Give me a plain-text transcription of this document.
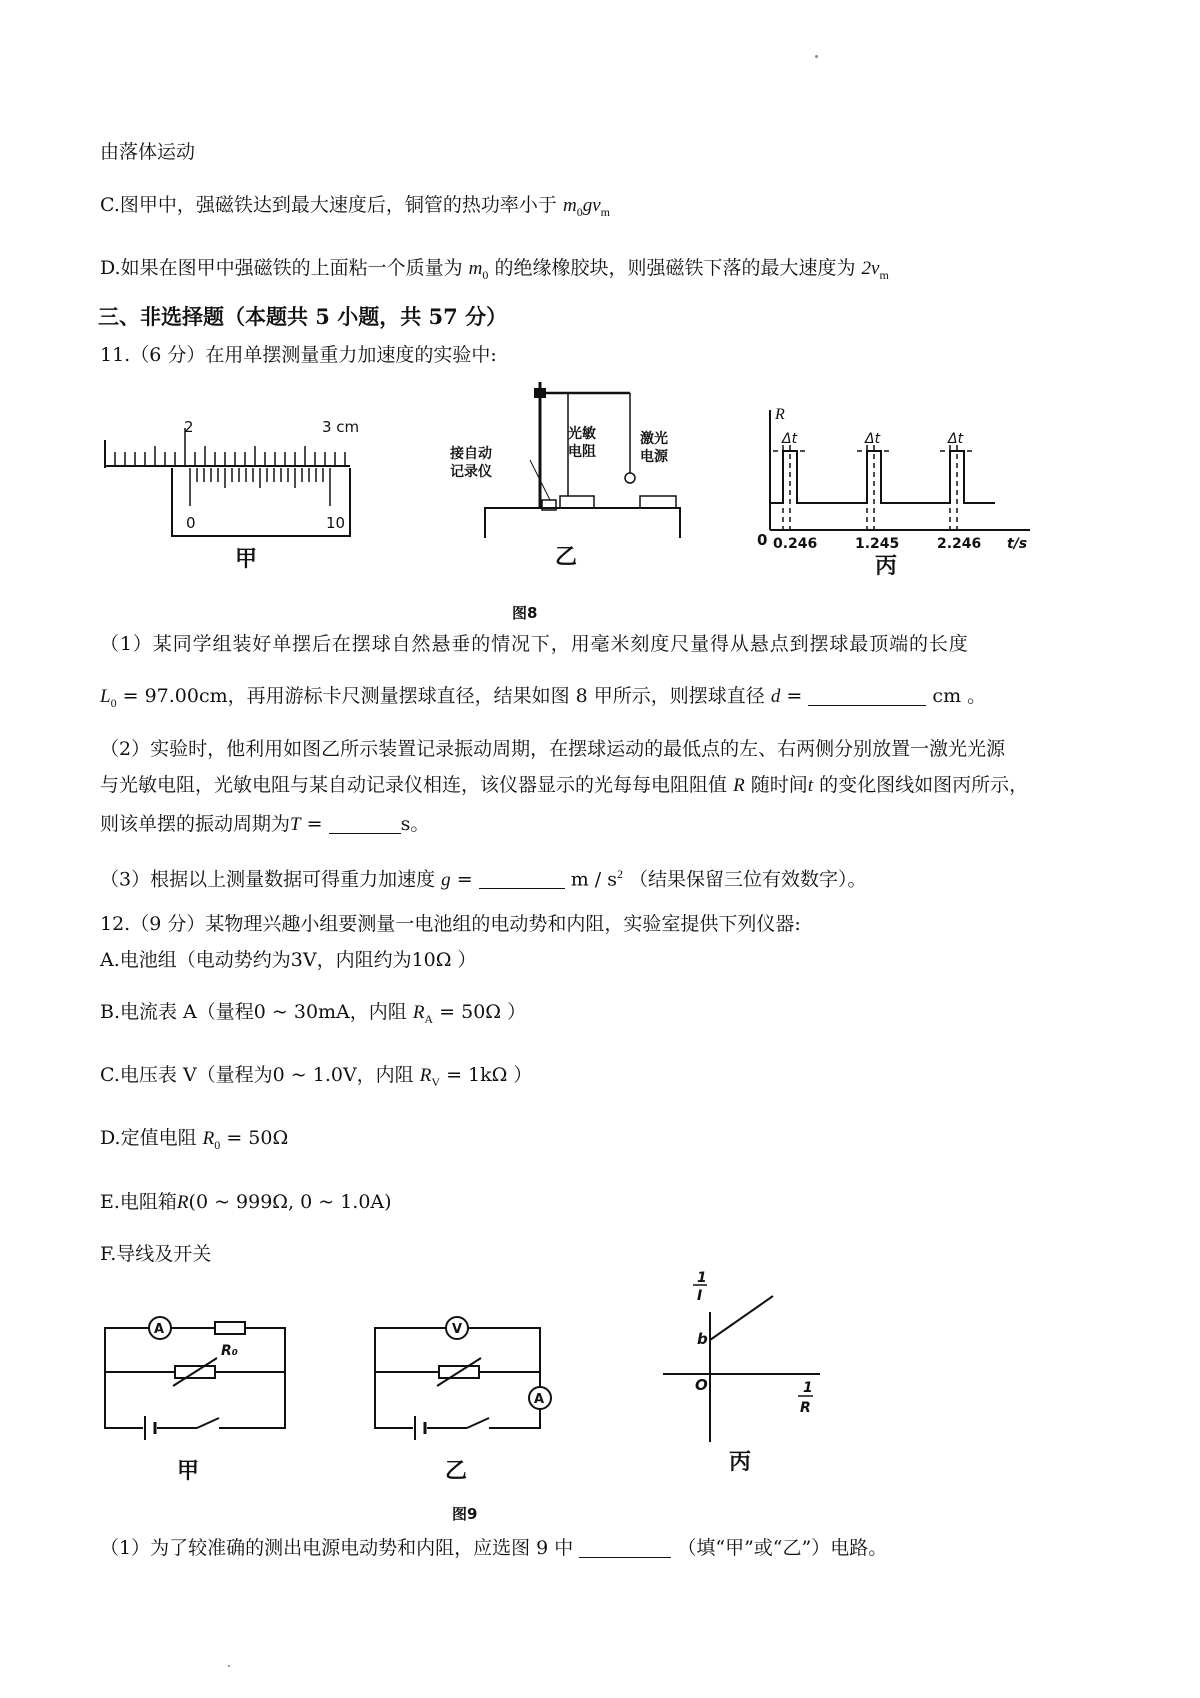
由落体运动
C.图甲中，强磁铁达到最大速度后，铜管的热功率小于 $m_0gv_m$
D.如果在图甲中强磁铁的上面粘一个质量为 $m_0$ 的绝缘橡胶块，则强磁铁下落的最大速度为 $2v_m$
三、非选择题（本题共 5 小题，共 57 分）
11.（6 分）在用单摆测量重力加速度的实验中:
2	3 cm
0	10
甲
接自动
记录仪
光敏
电阻
激光
电源
乙
R
Δt	Δt	Δt
0 0.246	1.245	2.246 t/s
丙
图8
（1）某同学组装好单摆后在摆球自然悬垂的情况下，用毫米刻度尺量得从悬点到摆球最顶端的长度
$L_0 = 97.00cm$，再用游标卡尺测量摆球直径，结果如图 8 甲所示，则摆球直径 d =	cm 。
（2）实验时，他利用如图乙所示装置记录振动周期，在摆球运动的最低点的左、右两侧分别放置一激光光源
与光敏电阻，光敏电阻与某自动记录仪相连，该仪器显示的光每每电阻阻值 R 随时间t 的变化图线如图丙所示，
则该单摆的振动周期为T =	s。
（3）根据以上测量数据可得重力加速度 g =	m / $s^2$ （结果保留三位有效数字）。
12.（9 分）某物理兴趣小组要测量一电池组的电动势和内阻，实验室提供下列仪器:
A.电池组（电动势约为3V，内阻约为10Ω ）
B.电流表 A（量程0 ~ 30mA，内阻 $R_A = 50\Omega$ ）
C.电压表 V（量程为0 ~ 1.0V，内阻 $R_V = 1k\Omega$ ）
D.定值电阻 $R_0 = 50\Omega$
E.电阻箱R(0 ~ 999Ω, 0 ~ 1.0A)
F.导线及开关
A
R₀
甲
V
A
乙
1
I
b
O	1
R
丙
图9
（1）为了较准确的测出电源电动势和内阻，应选图 9 中	（填“甲”或“乙”）电路。
